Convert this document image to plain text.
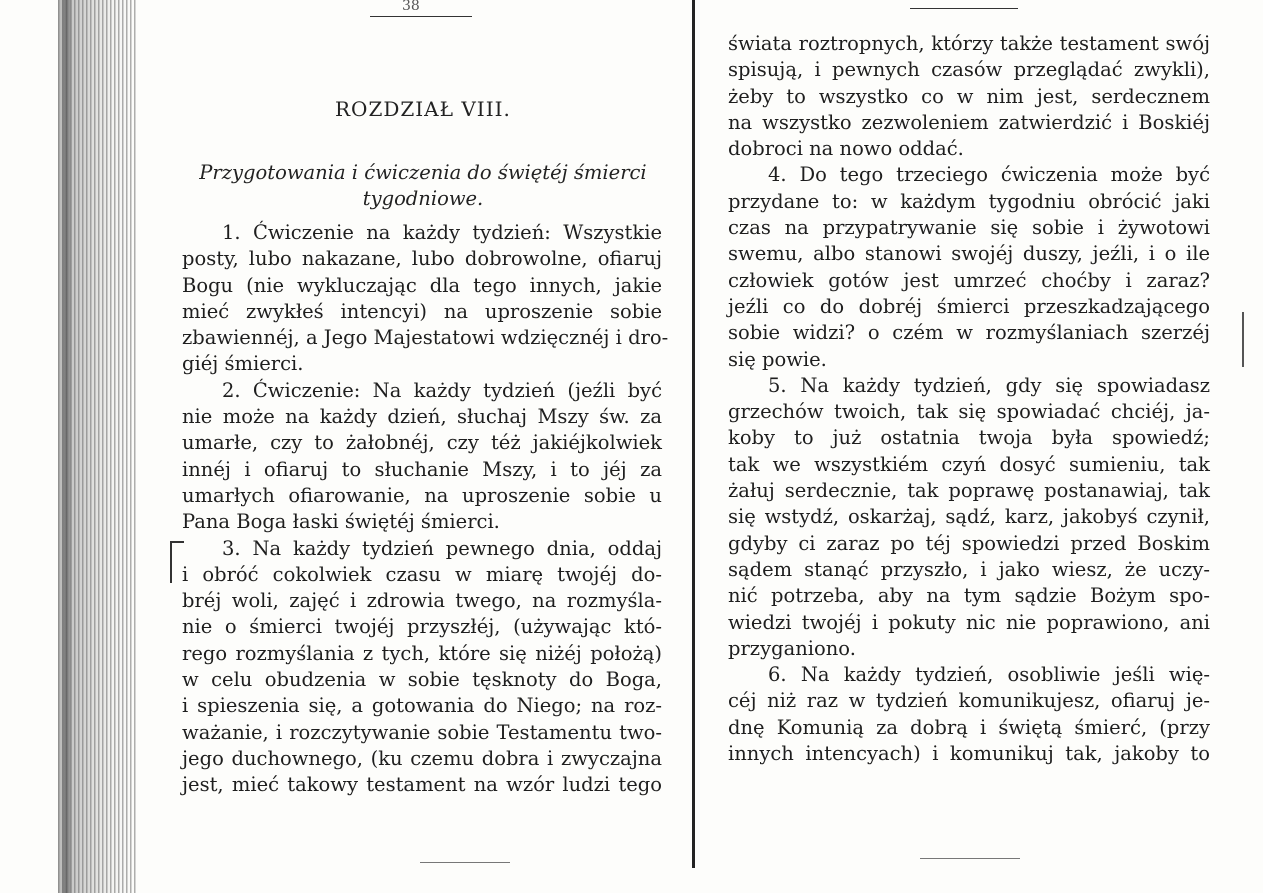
38
ROZDZIAŁ VIII.
Przygotowania i ćwiczenia do świętéj śmierci
tygodniowe.
1. Ćwiczenie na każdy tydzień: Wszystkie
posty, lubo nakazane, lubo dobrowolne, ofiaruj
Bogu (nie wykluczając dla tego innych, jakie
mieć zwykłeś intencyi) na uproszenie sobie
zbawiennéj, a Jego Majestatowi wdzięcznéj i dro-
giéj śmierci.
2. Ćwiczenie: Na każdy tydzień (jeźli być
nie może na każdy dzień, słuchaj Mszy św. za
umarłe, czy to żałobnéj, czy téż jakiéjkolwiek
innéj i ofiaruj to słuchanie Mszy, i to jéj za
umarłych ofiarowanie, na uproszenie sobie u
Pana Boga łaski świętéj śmierci.
3. Na każdy tydzień pewnego dnia, oddaj
i obróć cokolwiek czasu w miarę twojéj do-
bréj woli, zajęć i zdrowia twego, na rozmyśla-
nie o śmierci twojéj przyszłéj, (używając któ-
rego rozmyślania z tych, które się niżéj położą)
w celu obudzenia w sobie tęsknoty do Boga,
i spieszenia się, a gotowania do Niego; na roz-
ważanie, i rozczytywanie sobie Testamentu two-
jego duchownego, (ku czemu dobra i zwyczajna
jest, mieć takowy testament na wzór ludzi tego
świata roztropnych, którzy także testament swój
spisują, i pewnych czasów przeglądać zwykli),
żeby to wszystko co w nim jest, serdecznem
na wszystko zezwoleniem zatwierdzić i Boskiéj
dobroci na nowo oddać.
4. Do tego trzeciego ćwiczenia może być
przydane to: w każdym tygodniu obrócić jaki
czas na przypatrywanie się sobie i żywotowi
swemu, albo stanowi swojéj duszy, jeźli, i o ile
człowiek gotów jest umrzeć choćby i zaraz?
jeźli co do dobréj śmierci przeszkadzającego
sobie widzi? o czém w rozmyślaniach szerzéj
się powie.
5. Na każdy tydzień, gdy się spowiadasz
grzechów twoich, tak się spowiadać chciéj, ja-
koby to już ostatnia twoja była spowiedź;
tak we wszystkiém czyń dosyć sumieniu, tak
żałuj serdecznie, tak poprawę postanawiaj, tak
się wstydź, oskarżaj, sądź, karz, jakobyś czynił,
gdyby ci zaraz po téj spowiedzi przed Boskim
sądem stanąć przyszło, i jako wiesz, że uczy-
nić potrzeba, aby na tym sądzie Bożym spo-
wiedzi twojéj i pokuty nic nie poprawiono, ani
przyganiono.
6. Na każdy tydzień, osobliwie jeśli wię-
céj niż raz w tydzień komunikujesz, ofiaruj je-
dnę Komunią za dobrą i świętą śmierć, (przy
innych intencyach) i komunikuj tak, jakoby to
